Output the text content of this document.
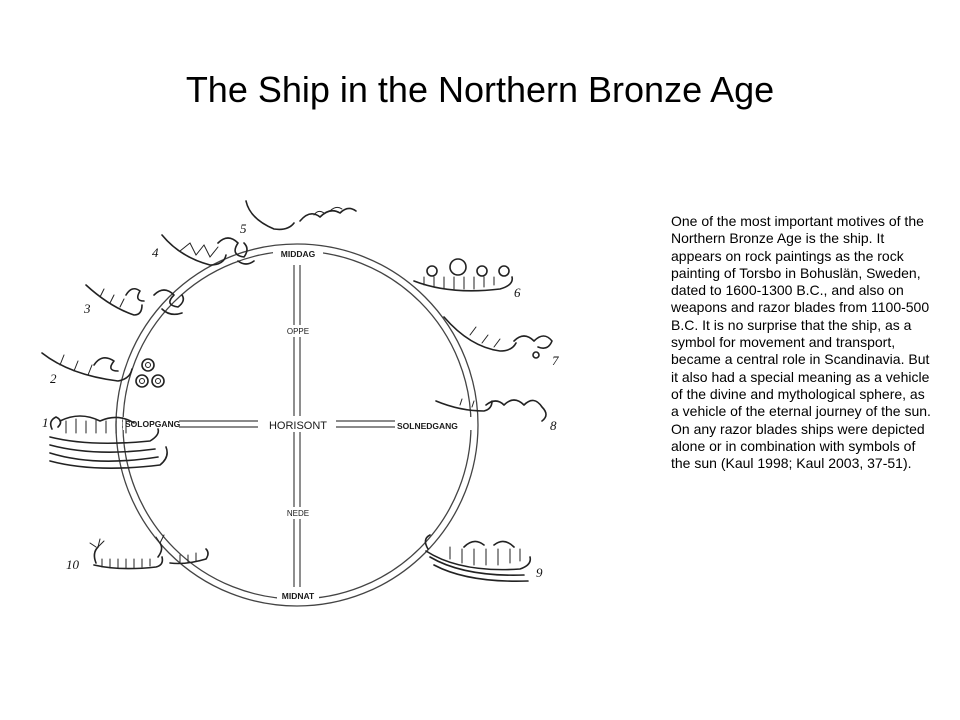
The Ship in the Northern Bronze Age
MIDDAG
MIDNAT
SOLOPGANG	SOLNEDGANG
HORISONT
OPPE
NEDE
1
2
3
4
5
6
7
8
9
10
One of the most important motives of the Northern Bronze Age is the ship. It appears on rock paintings as the rock painting of Torsbo in Bohuslän, Sweden, dated to 1600-1300 B.C., and also on weapons and razor blades from 1100-500 B.C. It is no surprise that the ship, as a symbol for movement and transport, became a central role in Scandinavia. But it also had a special meaning as a vehicle of the divine and mythological sphere, as a vehicle of the eternal journey of the sun. On any razor blades ships were depicted alone or in combination with symbols of the sun (Kaul 1998; Kaul 2003, 37-51).
